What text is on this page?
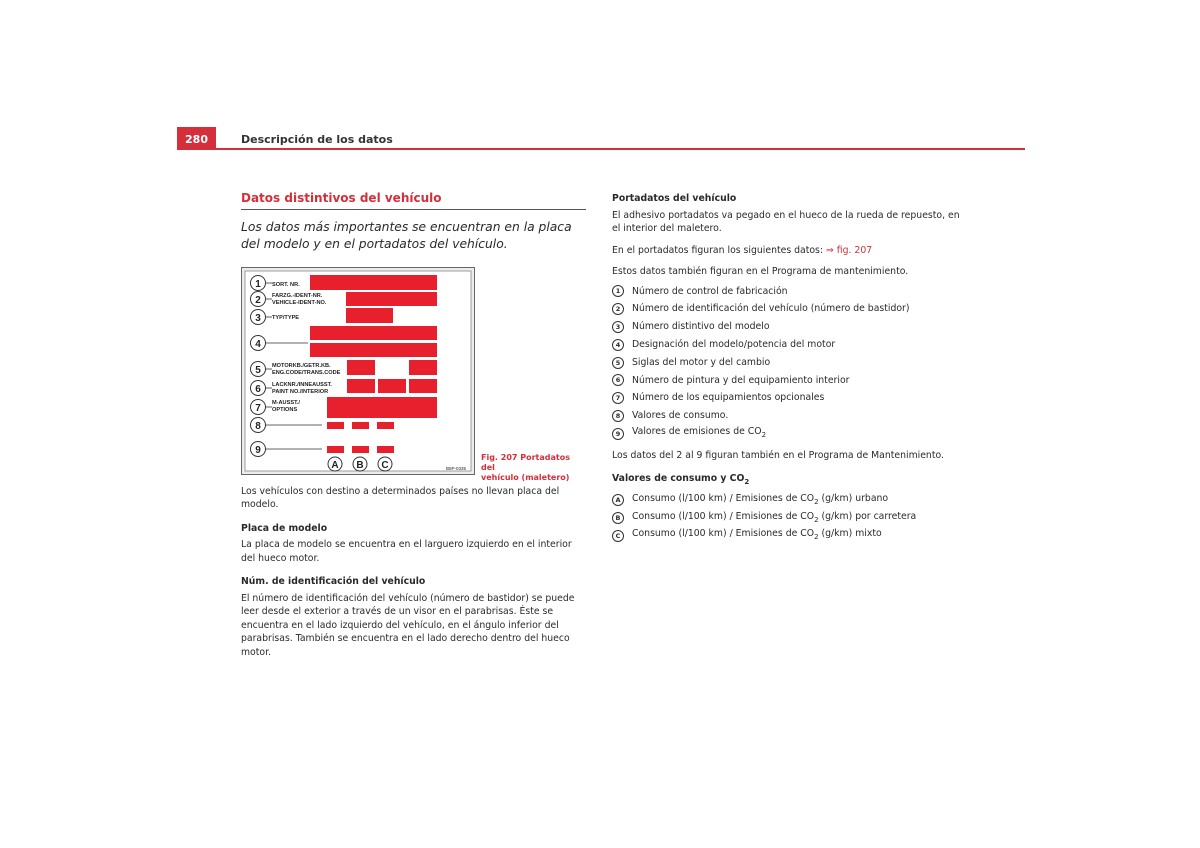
280	Descripción de los datos
Datos distintivos del vehículo

Los datos más importantes se encuentran en la placa del modelo y en el portadatos del vehículo.

1
2
3
4
5
6
7
8
9
SORT. NR.
FARZG.-IDENT-NR.
VEHICLE-IDENT-NO.
TYP/TYPE
MOTORKB./GETR.KB.
ENG.CODE/TRANS.CODE
LACKNR./INNEAUSST.
PAINT NO./INTERIOR
M-AUSST./
OPTIONS
A B C	B5P-0335
Fig. 207 Portadatos del
vehículo (maletero)

Los vehículos con destino a determinados países no llevan placa del modelo.

Placa de modelo

La placa de modelo se encuentra en el larguero izquierdo en el interior del hueco motor.

Núm. de identificación del vehículo

El número de identificación del vehículo (número de bastidor) se puede leer desde el exterior a través de un visor en el parabrisas. Éste se encuentra en el lado izquierdo del vehículo, en el ángulo inferior del parabrisas. También se encuentra en el lado derecho dentro del hueco motor.

Portadatos del vehículo

El adhesivo portadatos va pegado en el hueco de la rueda de repuesto, en el interior del maletero.

En el portadatos figuran los siguientes datos: ⇒ fig. 207

Estos datos también figuran en el Programa de mantenimiento.

1	Número de control de fabricación
2	Número de identificación del vehículo (número de bastidor)
3	Número distintivo del modelo
4	Designación del modelo/potencia del motor
5	Siglas del motor y del cambio
6	Número de pintura y del equipamiento interior
7	Número de los equipamientos opcionales
8	Valores de consumo.
9	Valores de emisiones de $CO_2$

Los datos del 2 al 9 figuran también en el Programa de Mantenimiento.

Valores de consumo y $CO_2$

A	Consumo (l/100 km) / Emisiones de $CO_2$ (g/km) urbano
B	Consumo (l/100 km) / Emisiones de $CO_2$ (g/km) por carretera
C	Consumo (l/100 km) / Emisiones de $CO_2$ (g/km) mixto
